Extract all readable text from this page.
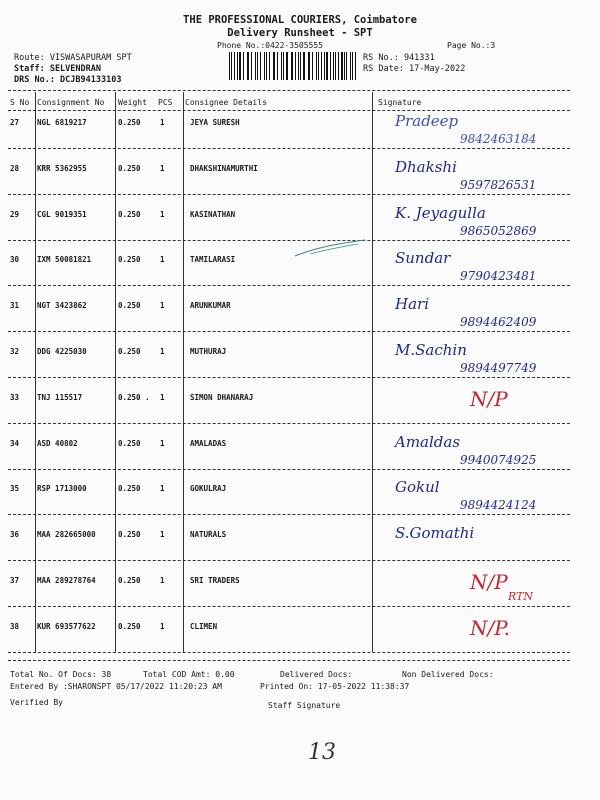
THE PROFESSIONAL COURIERS, Coimbatore
Delivery Runsheet - SPT
Phone No.:0422-3505555	Page No.:3
Route: VISWASAPURAM SPT
Staff: SELVENDRAN
DRS No.: DCJB94133103
RS No.: 941331
RS Date: 17-May-2022
S No Consignment No Weight PCS Consignee Details	Signature
27 NGL 6819217	0.250	1	JEYA SURESH	Pradeep
9842463184
28 KRR 5362955	0.250	1	DHAKSHINAMURTHI	Dhakshi
9597826531
29 CGL 9019351	0.250	1	KASINATHAN	K. Jeyagulla
9865052869
30 IXM 50081821	0.250	1	TAMILARASI	Sundar
9790423481
31 NGT 3423862	0.250	1	ARUNKUMAR	Hari
9894462409
32 DDG 4225030	0.250	1	MUTHURAJ	M.Sachin
9894497749
33 TNJ 115517	0.250 . 1	SIMON DHANARAJ	N/P
34 ASD 40802	0.250	1	AMALADAS	Amaldas
9940074925
35 RSP 1713000	0.250	1	GOKULRAJ	Gokul
9894424124
36 MAA 282665000	0.250	1	NATURALS	S.Gomathi
37 MAA 289278764	0.250	1	SRI TRADERS	N/P
RTN
38 KUR 693577622	0.250	1	CLIMEN	N/P.
Total No. Of Docs: 38	Total COD Amt: 0.00	Delivered Docs:	Non Delivered Docs:
Entered By :SHARONSPT 05/17/2022 11:20:23 AM	Printed On: 17-05-2022 11:38:37
Verified By	Staff Signature
13
